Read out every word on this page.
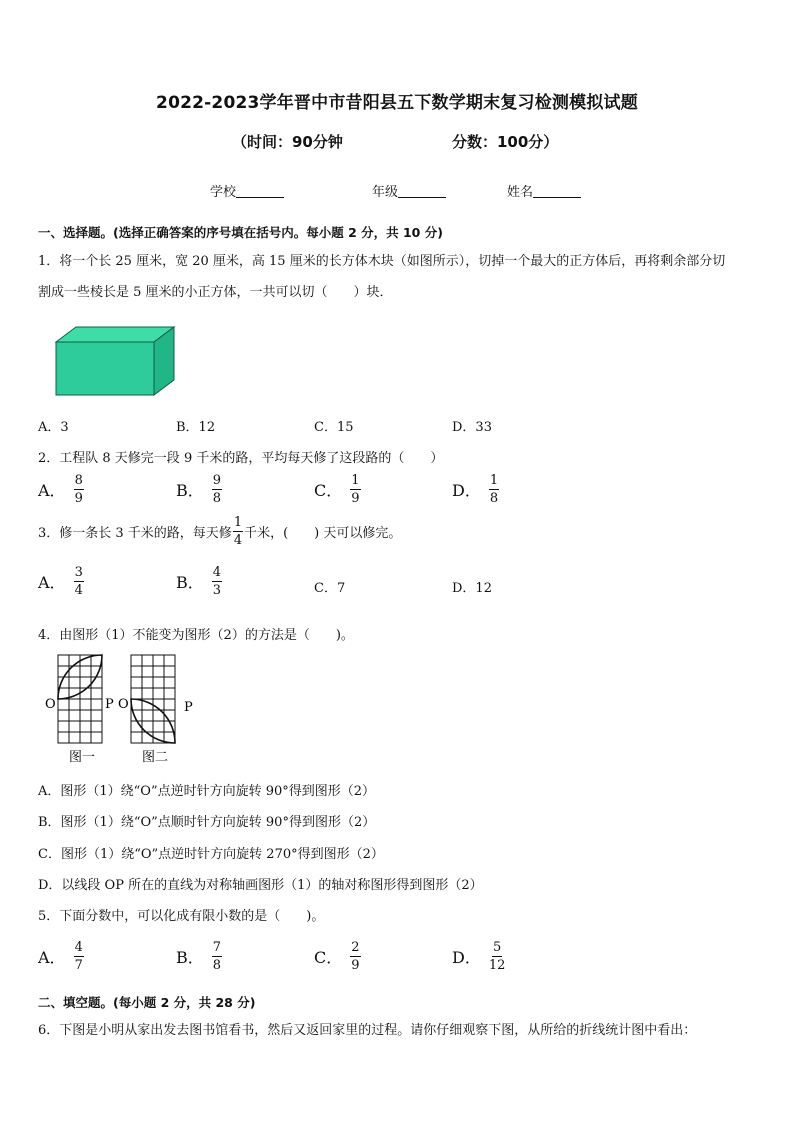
2022-2023学年晋中市昔阳县五下数学期末复习检测模拟试题
（时间：90分钟	分数：100分）
学校	年级	姓名
一、选择题。(选择正确答案的序号填在括号内。每小题 2 分，共 10 分)
1．将一个长 25 厘米，宽 20 厘米，高 15 厘米的长方体木块（如图所示），切掉一个最大的正方体后，再将剩余部分切
割成一些棱长是 5 厘米的小正方体，一共可以切（　　）块．
A．3	B．12	C．15	D．33
2．工程队 8 天修完一段 9 千米的路，平均每天修了这段路的（　　）
A． $\frac{8}{9}$	B． $\frac{9}{8}$	C． $\frac{1}{9}$	D． $\frac{1}{8}$
3．修一条长 3 千米的路，每天修 $\frac{1}{4}$ 千米，(　　) 天可以修完。
A． $\frac{3}{4}$	B． $\frac{4}{3}$	C．7	D．12
4．由图形（1）不能变为图形（2）的方法是（　　)。
O	P O	P
图一	图二
A．图形（1）绕“O”点逆时针方向旋转 90°得到图形（2）
B．图形（1）绕“O”点顺时针方向旋转 90°得到图形（2）
C．图形（1）绕“O”点逆时针方向旋转 270°得到图形（2）
D．以线段 OP 所在的直线为对称轴画图形（1）的轴对称图形得到图形（2）
5．下面分数中，可以化成有限小数的是（　　)。
A． $\frac{4}{7}$	B． $\frac{7}{8}$	C． $\frac{2}{9}$	D． $\frac{5}{12}$
二、填空题。(每小题 2 分，共 28 分)
6．下图是小明从家出发去图书馆看书，然后又返回家里的过程。请你仔细观察下图，从所给的折线统计图中看出：
